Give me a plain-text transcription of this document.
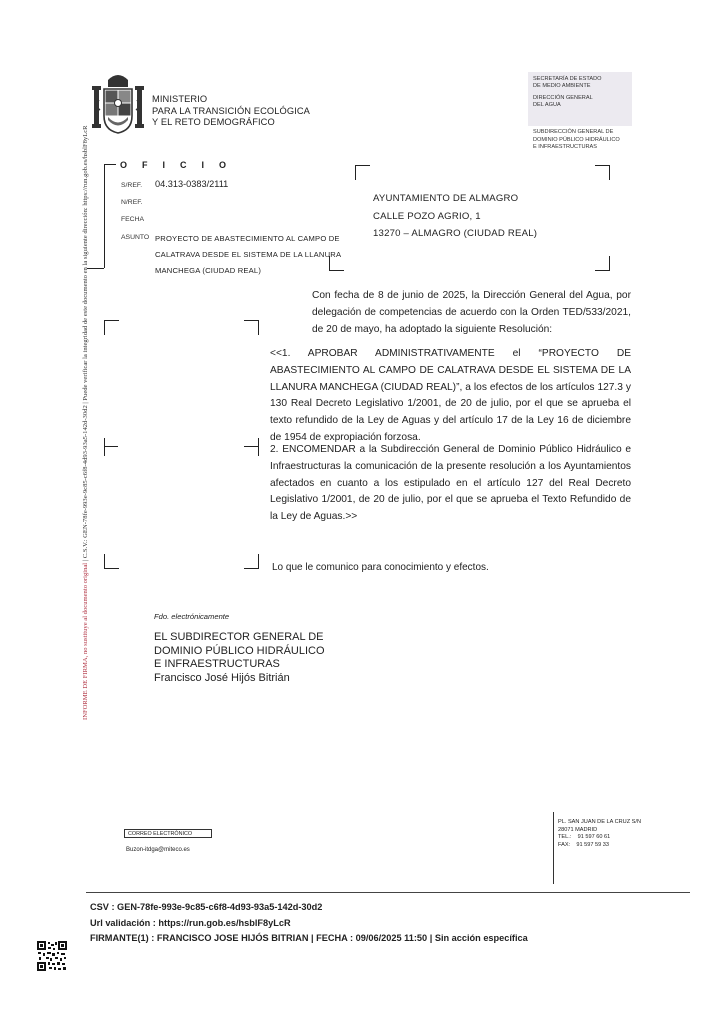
INFORME DE FIRMA, no sustituye al documento original | C.S.V.: GEN-78fe-993e-9c85-c6f8-4d93-93a5-142d-30d2 | Puede verificar la integridad de este documento en la siguiente dirección: https://run.gob.es/hsblF8yLcR
MINISTERIO
PARA LA TRANSICIÓN ECOLÓGICA
Y EL RETO DEMOGRÁFICO

SECRETARÍA DE ESTADO
DE MEDIO AMBIENTE

DIRECCIÓN GENERAL
DEL AGUA

SUBDIRECCIÓN GENERAL DE
DOMINIO PÚBLICO HIDRÁULICO
E INFRAESTRUCTURAS
OFICIO
S/REF. 04.313-0383/2111
N/REF.
FECHA
ASUNTO PROYECTO DE ABASTECIMIENTO AL CAMPO DE CALATRAVA DESDE EL SISTEMA DE LA LLANURA MANCHEGA (CIUDAD REAL)
AYUNTAMIENTO DE ALMAGRO
CALLE POZO AGRIO, 1
13270 – ALMAGRO (CIUDAD REAL)
Con fecha de 8 de junio de 2025, la Dirección General del Agua, por delegación de competencias de acuerdo con la Orden TED/533/2021, de 20 de mayo, ha adoptado la siguiente Resolución:
<<1. APROBAR ADMINISTRATIVAMENTE el “PROYECTO DE ABASTECIMIENTO AL CAMPO DE CALATRAVA DESDE EL SISTEMA DE LA LLANURA MANCHEGA (CIUDAD REAL)”, a los efectos de los artículos 127.3 y 130 Real Decreto Legislativo 1/2001, de 20 de julio, por el que se aprueba el texto refundido de la Ley de Aguas y del artículo 17 de la Ley 16 de diciembre de 1954 de expropiación forzosa.
2. ENCOMENDAR a la Subdirección General de Dominio Público Hidráulico e Infraestructuras la comunicación de la presente resolución a los Ayuntamientos afectados en cuanto a los estipulado en el artículo 127 del Real Decreto Legislativo 1/2001, de 20 de julio, por el que se aprueba el Texto Refundido de la Ley de Aguas.>>
Lo que le comunico para conocimiento y efectos.
Fdo. electrónicamente
EL SUBDIRECTOR GENERAL DE
DOMINIO PÚBLICO HIDRÁULICO
E INFRAESTRUCTURAS
Francisco José Hijós Bitrián
CORREO ELECTRÓNICO
Buzon-itdga@miteco.es
PL. SAN JUAN DE LA CRUZ S/N
28071 MADRID
TEL.:    91 597 60 61
FAX:    91 597 59 33
CSV : GEN-78fe-993e-9c85-c6f8-4d93-93a5-142d-30d2
Url validación : https://run.gob.es/hsblF8yLcR
FIRMANTE(1) : FRANCISCO JOSE HIJÓS BITRIAN | FECHA : 09/06/2025 11:50 | Sin acción específica
